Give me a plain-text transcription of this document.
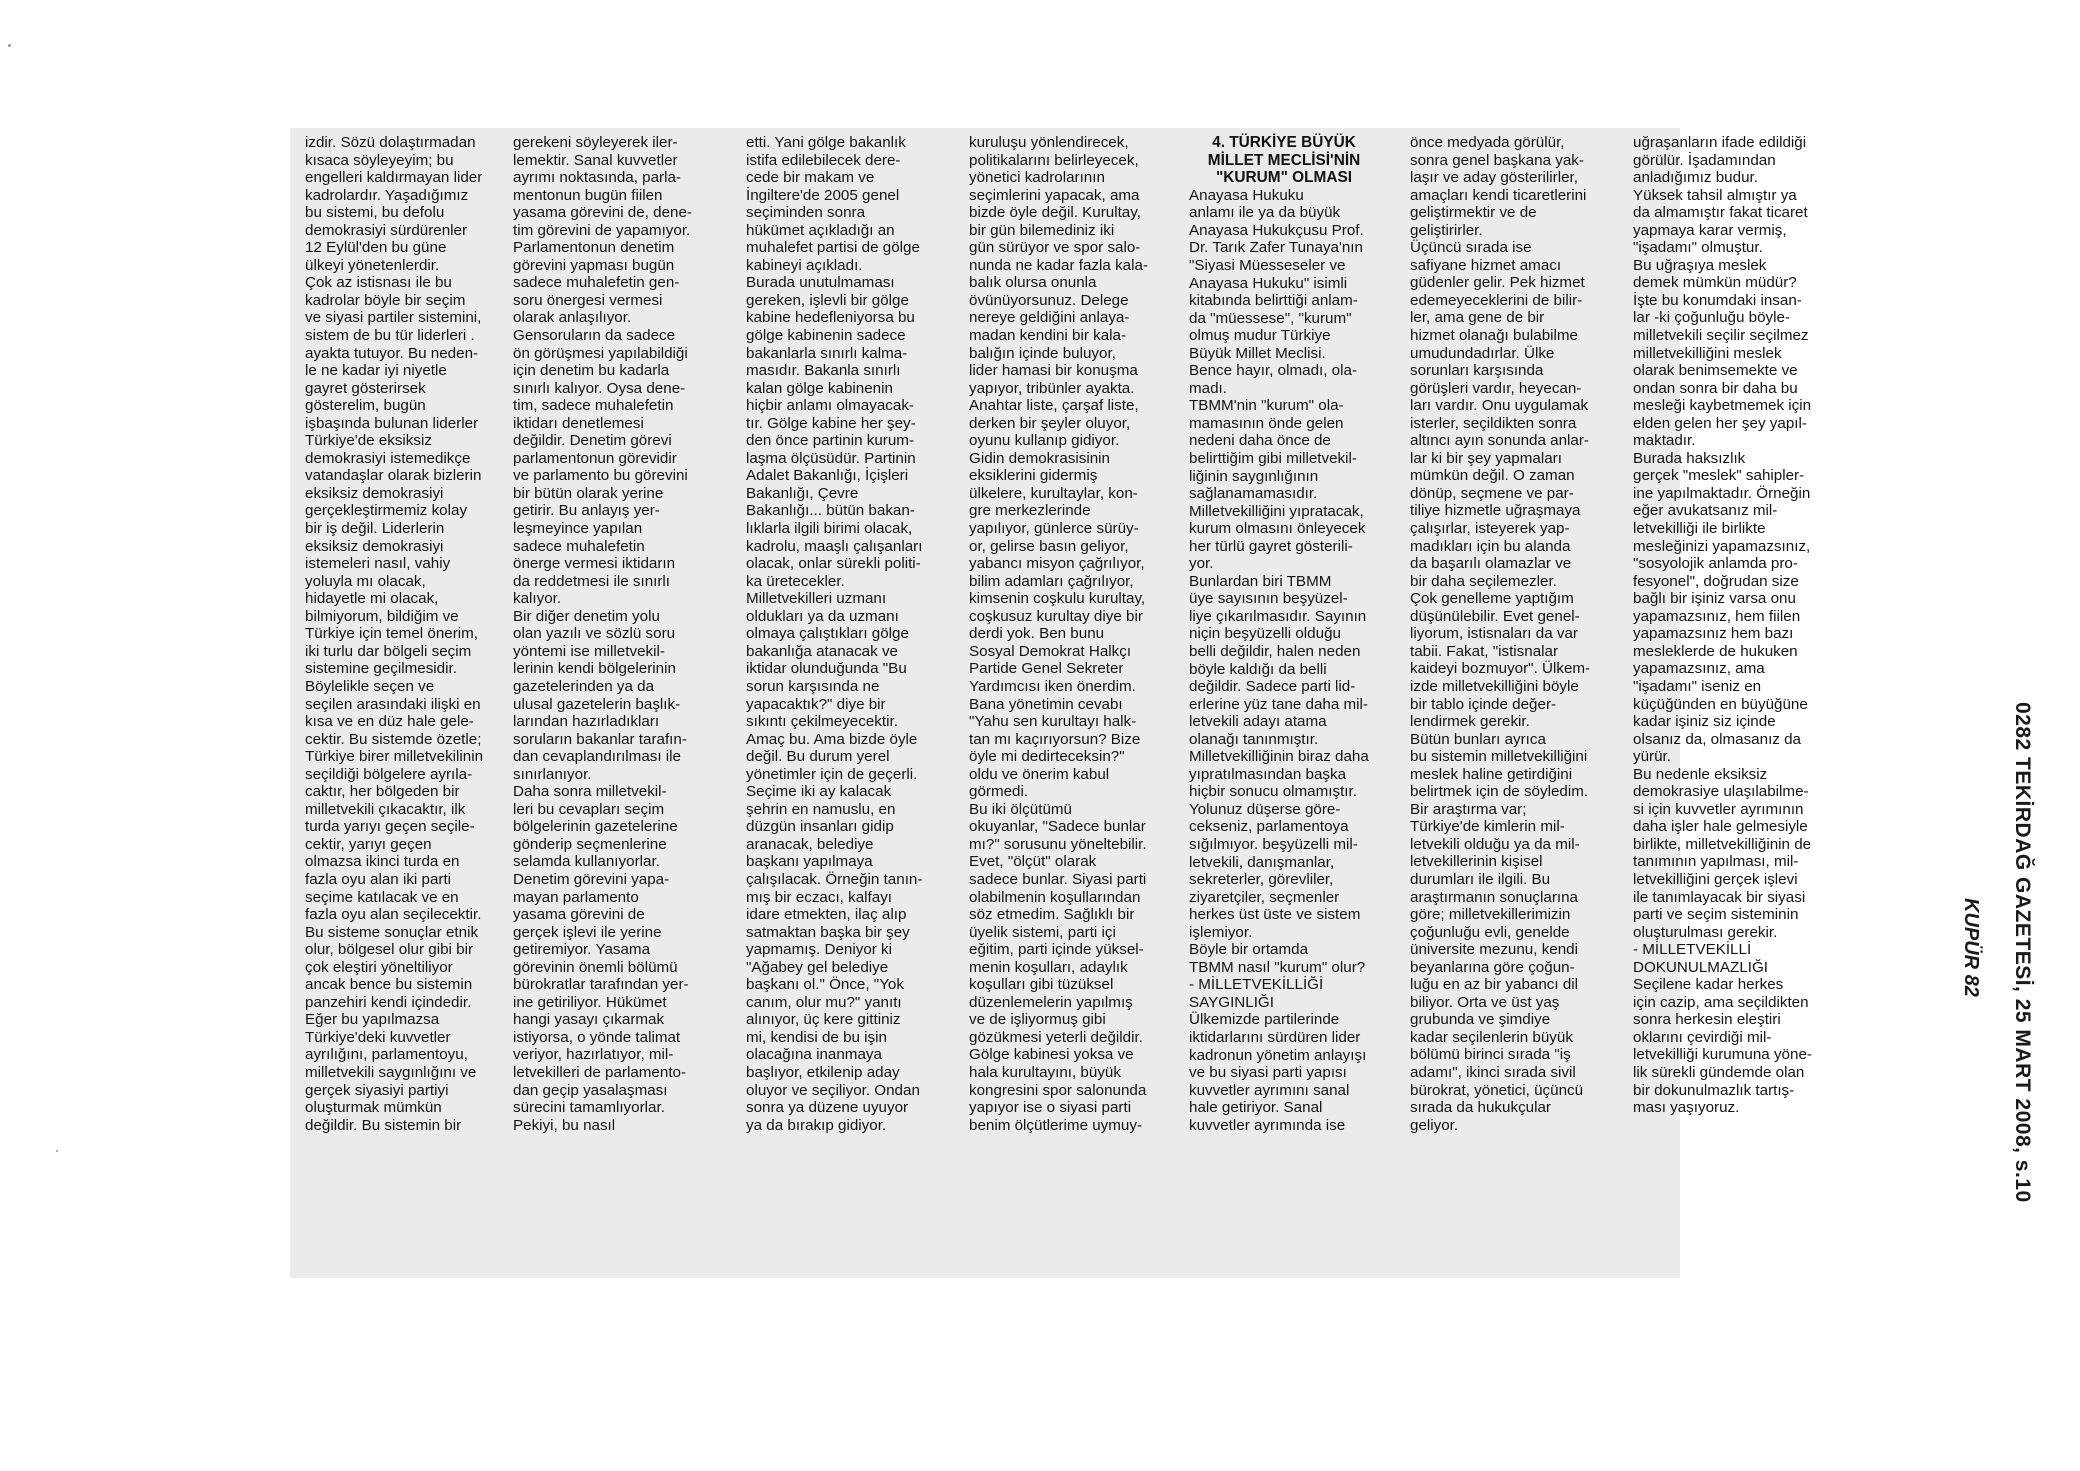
izdir. Sözü dolaştırmadan
kısaca söyleyeyim; bu
engelleri kaldırmayan lider
kadrolardır. Yaşadığımız
bu sistemi, bu defolu
demokrasiyi sürdürenler
12 Eylül'den bu güne
ülkeyi yönetenlerdir.

Çok az istisnası ile bu
kadrolar böyle bir seçim
ve siyasi partiler sistemini,
sistem de bu tür liderleri .
ayakta tutuyor. Bu neden-
le ne kadar iyi niyetle
gayret gösterirsek
gösterelim, bugün
işbaşında bulunan liderler
Türkiye'de eksiksiz
demokrasiyi istemedikçe
vatandaşlar olarak bizlerin
eksiksiz demokrasiyi
gerçekleştirmemiz kolay
bir iş değil. Liderlerin
eksiksiz demokrasiyi
istemeleri nasıl, vahiy
yoluyla mı olacak,
hidayetle mi olacak,
bilmiyorum, bildiğim ve
Türkiye için temel önerim,
iki turlu dar bölgeli seçim
sistemine geçilmesidir.
Böylelikle seçen ve
seçilen arasındaki ilişki en
kısa ve en düz hale gele-
cektir. Bu sistemde özetle;
Türkiye birer milletvekilinin
seçildiği bölgelere ayrıla-
caktır, her bölgeden bir
milletvekili çıkacaktır, ilk
turda yarıyı geçen seçile-
cektir, yarıyı geçen
olmazsa ikinci turda en
fazla oyu alan iki parti
seçime katılacak ve en
fazla oyu alan seçilecektir.
Bu sisteme sonuçlar etnik
olur, bölgesel olur gibi bir
çok eleştiri yöneltiliyor
ancak bence bu sistemin
panzehiri kendi içindedir.
Eğer bu yapılmazsa
Türkiye'deki kuvvetler
ayrılığını, parlamentoyu,
milletvekili saygınlığını ve
gerçek siyasiyi partiyi
oluşturmak mümkün
değildir. Bu sistemin bir

gerekeni söyleyerek iler-
lemektir. Sanal kuvvetler
ayrımı noktasında, parla-
mentonun bugün fiilen
yasama görevini de, dene-
tim görevini de yapamıyor.
Parlamentonun denetim
görevini yapması bugün
sadece muhalefetin gen-
soru önergesi vermesi
olarak anlaşılıyor.
Gensoruların da sadece
ön görüşmesi yapılabildiği
için denetim bu kadarla
sınırlı kalıyor. Oysa dene-
tim, sadece muhalefetin
iktidarı denetlemesi
değildir. Denetim görevi
parlamentonun görevidir
ve parlamento bu görevini
bir bütün olarak yerine
getirir. Bu anlayış yer-
leşmeyince yapılan
sadece muhalefetin
önerge vermesi iktidarın
da reddetmesi ile sınırlı
kalıyor.

Bir diğer denetim yolu
olan yazılı ve sözlü soru
yöntemi ise milletvekil-
lerinin kendi bölgelerinin
gazetelerinden ya da
ulusal gazetelerin başlık-
larından hazırladıkları
soruların bakanlar tarafın-
dan cevaplandırılması ile
sınırlanıyor.

Daha sonra milletvekil-
leri bu cevapları seçim
bölgelerinin gazetelerine
gönderip seçmenlerine
selamda kullanıyorlar.

Denetim görevini yapa-
mayan parlamento
yasama görevini de
gerçek işlevi ile yerine
getiremiyor. Yasama
görevinin önemli bölümü
bürokratlar tarafından yer-
ine getiriliyor. Hükümet
hangi yasayı çıkarmak
istiyorsa, o yönde talimat
veriyor, hazırlatıyor, mil-
letvekilleri de parlamento-
dan geçip yasalaşması
sürecini tamamlıyorlar.

Pekiyi, bu nasıl

etti. Yani gölge bakanlık
istifa edilebilecek dere-
cede bir makam ve
İngiltere'de 2005 genel
seçiminden sonra
hükümet açıkladığı an
muhalefet partisi de gölge
kabineyi açıkladı.

Burada unutulmaması
gereken, işlevli bir gölge
kabine hedefleniyorsa bu
gölge kabinenin sadece
bakanlarla sınırlı kalma-
masıdır. Bakanla sınırlı
kalan gölge kabinenin
hiçbir anlamı olmayacak-
tır. Gölge kabine her şey-
den önce partinin kurum-
laşma ölçüsüdür. Partinin
Adalet Bakanlığı, İçişleri
Bakanlığı, Çevre
Bakanlığı... bütün bakan-
lıklarla ilgili birimi olacak,
kadrolu, maaşlı çalışanları
olacak, onlar sürekli politi-
ka üretecekler.
Milletvekilleri uzmanı
oldukları ya da uzmanı
olmaya çalıştıkları gölge
bakanlığa atanacak ve
iktidar olunduğunda "Bu
sorun karşısında ne
yapacaktık?" diye bir
sıkıntı çekilmeyecektir.
Amaç bu. Ama bizde öyle
değil. Bu durum yerel
yönetimler için de geçerli.
Seçime iki ay kalacak
şehrin en namuslu, en
düzgün insanları gidip
aranacak, belediye
başkanı yapılmaya
çalışılacak. Örneğin tanın-
mış bir eczacı, kalfayı
idare etmekten, ilaç alıp
satmaktan başka bir şey
yapmamış. Deniyor ki
"Ağabey gel belediye
başkanı ol." Önce, "Yok
canım, olur mu?" yanıtı
alınıyor, üç kere gittiniz
mi, kendisi de bu işin
olacağına inanmaya
başlıyor, etkilenip aday
oluyor ve seçiliyor. Ondan
sonra ya düzene uyuyor
ya da bırakıp gidiyor.

kuruluşu yönlendirecek,
politikalarını belirleyecek,
yönetici kadrolarının
seçimlerini yapacak, ama
bizde öyle değil. Kurultay,
bir gün bilemediniz iki
gün sürüyor ve spor salo-
nunda ne kadar fazla kala-
balık olursa onunla
övünüyorsunuz. Delege
nereye geldiğini anlaya-
madan kendini bir kala-
balığın içinde buluyor,
lider hamasi bir konuşma
yapıyor, tribünler ayakta.
Anahtar liste, çarşaf liste,
derken bir şeyler oluyor,
oyunu kullanıp gidiyor.
Gidin demokrasisinin
eksiklerini gidermiş
ülkelere, kurultaylar, kon-
gre merkezlerinde
yapılıyor, günlerce sürüy-
or, gelirse basın geliyor,
yabancı misyon çağrılıyor,
bilim adamları çağrılıyor,
kimsenin coşkulu kurultay,
coşkusuz kurultay diye bir
derdi yok. Ben bunu
Sosyal Demokrat Halkçı
Partide Genel Sekreter
Yardımcısı iken önerdim.
Bana yönetimin cevabı
"Yahu sen kurultayı halk-
tan mı kaçırıyorsun? Bize
öyle mi dedirteceksin?"
oldu ve önerim kabul
görmedi.

Bu iki ölçütümü
okuyanlar, "Sadece bunlar
mı?" sorusunu yöneltebilir.
Evet, "ölçüt" olarak
sadece bunlar. Siyasi parti
olabilmenin koşullarından
söz etmedim. Sağlıklı bir
üyelik sistemi, parti içi
eğitim, parti içinde yüksel-
menin koşulları, adaylık
koşulları gibi tüzüksel
düzenlemelerin yapılmış
ve de işliyormuş gibi
gözükmesi yeterli değildir.
Gölge kabinesi yoksa ve
hala kurultayını, büyük
kongresini spor salonunda
yapıyor ise o siyasi parti
benim ölçütlerime uymuy-

4. TÜRKİYE BÜYÜK
MİLLET MECLİSİ'NİN
"KURUM" OLMASI

Anayasa Hukuku
anlamı ile ya da büyük
Anayasa Hukukçusu Prof.
Dr. Tarık Zafer Tunaya'nın
"Siyasi Müesseseler ve
Anayasa Hukuku" isimli
kitabında belirttiği anlam-
da "müessese", "kurum"
olmuş mudur Türkiye
Büyük Millet Meclisi.
Bence hayır, olmadı, ola-
madı.

TBMM'nin "kurum" ola-
mamasının önde gelen
nedeni daha önce de
belirttiğim gibi milletvekil-
liğinin saygınlığının
sağlanamamasıdır.
Milletvekilliğini yıpratacak,
kurum olmasını önleyecek
her türlü gayret gösterili-
yor.

Bunlardan biri TBMM
üye sayısının beşyüzel-
liye çıkarılmasıdır. Sayının
niçin beşyüzelli olduğu
belli değildir, halen neden
böyle kaldığı da belli
değildir. Sadece parti lid-
erlerine yüz tane daha mil-
letvekili adayı atama
olanağı tanınmıştır.
Milletvekilliğinin biraz daha
yıpratılmasından başka
hiçbir sonucu olmamıştır.

Yolunuz düşerse göre-
cekseniz, parlamentoya
sığılmıyor. beşyüzelli mil-
letvekili, danışmanlar,
sekreterler, görevliler,
ziyaretçiler, seçmenler
herkes üst üste ve sistem
işlemiyor.

Böyle bir ortamda
TBMM nasıl "kurum" olur?
- MİLLETVEKİLLİĞİ
SAYGINLIĞI

Ülkemizde partilerinde
iktidarlarını sürdüren lider
kadronun yönetim anlayışı
ve bu siyasi parti yapısı
kuvvetler ayrımını sanal
hale getiriyor. Sanal
kuvvetler ayrımında ise

önce medyada görülür,
sonra genel başkana yak-
laşır ve aday gösterilirler,
amaçları kendi ticaretlerini
geliştirmektir ve de
geliştirirler.

Üçüncü sırada ise
safiyane hizmet amacı
güdenler gelir. Pek hizmet
edemeyeceklerini de bilir-
ler, ama gene de bir
hizmet olanağı bulabilme
umudundadırlar. Ülke
sorunları karşısında
görüşleri vardır, heyecan-
ları vardır. Onu uygulamak
isterler, seçildikten sonra
altıncı ayın sonunda anlar-
lar ki bir şey yapmaları
mümkün değil. O zaman
dönüp, seçmene ve par-
tiliye hizmetle uğraşmaya
çalışırlar, isteyerek yap-
madıkları için bu alanda
da başarılı olamazlar ve
bir daha seçilemezler.
Çok genelleme yaptığım
düşünülebilir. Evet genel-
liyorum, istisnaları da var
tabii. Fakat, "istisnalar
kaideyi bozmuyor". Ülkem-
izde milletvekilliğini böyle
bir tablo içinde değer-
lendirmek gerekir.

Bütün bunları ayrıca
bu sistemin milletvekilliğini
meslek haline getirdiğini
belirtmek için de söyledim.

Bir araştırma var;
Türkiye'de kimlerin mil-
letvekili olduğu ya da mil-
letvekillerinin kişisel
durumları ile ilgili. Bu
araştırmanın sonuçlarına
göre; milletvekillerimizin
çoğunluğu evli, genelde
üniversite mezunu, kendi
beyanlarına göre çoğun-
luğu en az bir yabancı dil
biliyor. Orta ve üst yaş
grubunda ve şimdiye
kadar seçilenlerin büyük
bölümü birinci sırada "iş
adamı", ikinci sırada sivil
bürokrat, yönetici, üçüncü
sırada da hukukçular
geliyor.

uğraşanların ifade edildiği
görülür. İşadamından
anladığımız budur.
Yüksek tahsil almıştır ya
da almamıştır fakat ticaret
yapmaya karar vermiş,
"işadamı" olmuştur.

Bu uğraşıya meslek
demek mümkün müdür?
İşte bu konumdaki insan-
lar -ki çoğunluğu böyle-
milletvekili seçilir seçilmez
milletvekilliğini meslek
olarak benimsemekte ve
ondan sonra bir daha bu
mesleği kaybetmemek için
elden gelen her şey yapıl-
maktadır.

Burada haksızlık
gerçek "meslek" sahipler-
ine yapılmaktadır. Örneğin
eğer avukatsanız mil-
letvekilliği ile birlikte
mesleğinizi yapamazsınız,
"sosyolojik anlamda pro-
fesyonel", doğrudan size
bağlı bir işiniz varsa onu
yapamazsınız, hem fiilen
yapamazsınız hem bazı
mesleklerde de hukuken
yapamazsınız, ama
"işadamı" iseniz en
küçüğünden en büyüğüne
kadar işiniz siz içinde
olsanız da, olmasanız da
yürür.

Bu nedenle eksiksiz
demokrasiye ulaşılabilme-
si için kuvvetler ayrımının
daha işler hale gelmesiyle
birlikte, milletvekilliğinin de
tanımının yapılması, mil-
letvekilliğini gerçek işlevi
ile tanımlayacak bir siyasi
parti ve seçim sisteminin
oluşturulması gerekir.
- MİLLETVEKİLLİ
DOKUNULMAZLIĞI

Seçilene kadar herkes
için cazip, ama seçildikten
sonra herkesin eleştiri
oklarını çevirdiği mil-
letvekilliği kurumuna yöne-
lik sürekli gündemde olan
bir dokunulmazlık tartış-
ması yaşıyoruz.	0282 TEKİRDAĞ GAZETESİ, 25 MART 2008, s.10
KUPÜR 82
